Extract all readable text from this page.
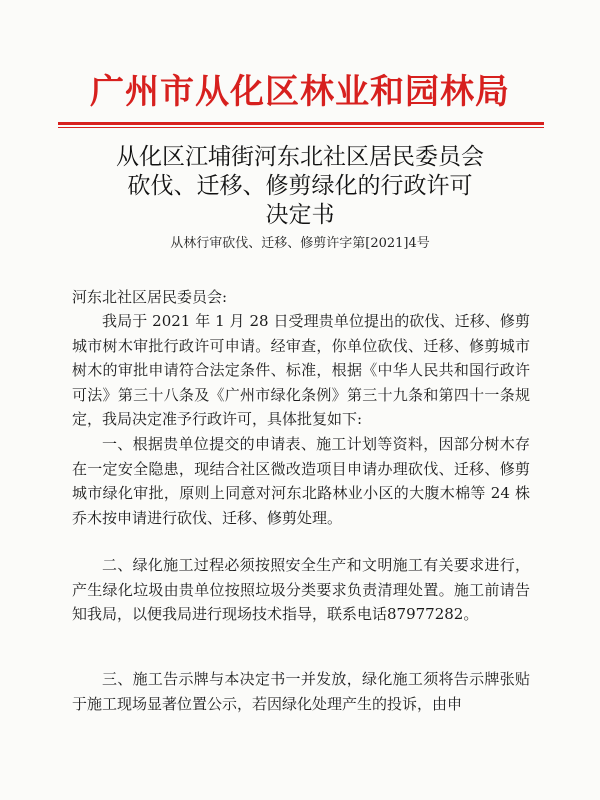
广州市从化区林业和园林局
从化区江埔街河东北社区居民委员会
砍伐、迁移、修剪绿化的行政许可
决定书
从林行审砍伐、迁移、修剪许字第[2021]4号
河东北社区居民委员会:

我局于 2021 年 1 月 28 日受理贵单位提出的砍伐、迁移、修剪城市树木审批行政许可申请。经审查，你单位砍伐、迁移、修剪城市树木的审批申请符合法定条件、标准，根据《中华人民共和国行政许可法》第三十八条及《广州市绿化条例》第三十九条和第四十一条规定，我局决定准予行政许可，具体批复如下:

一、根据贵单位提交的申请表、施工计划等资料，因部分树木存在一定安全隐患，现结合社区微改造项目申请办理砍伐、迁移、修剪城市绿化审批，原则上同意对河东北路林业小区的大腹木棉等 24 株乔木按申请进行砍伐、迁移、修剪处理。

二、绿化施工过程必须按照安全生产和文明施工有关要求进行，产生绿化垃圾由贵单位按照垃圾分类要求负责清理处置。施工前请告知我局，以便我局进行现场技术指导，联系电话87977282。

三、施工告示牌与本决定书一并发放，绿化施工须将告示牌张贴于施工现场显著位置公示，若因绿化处理产生的投诉，由申
